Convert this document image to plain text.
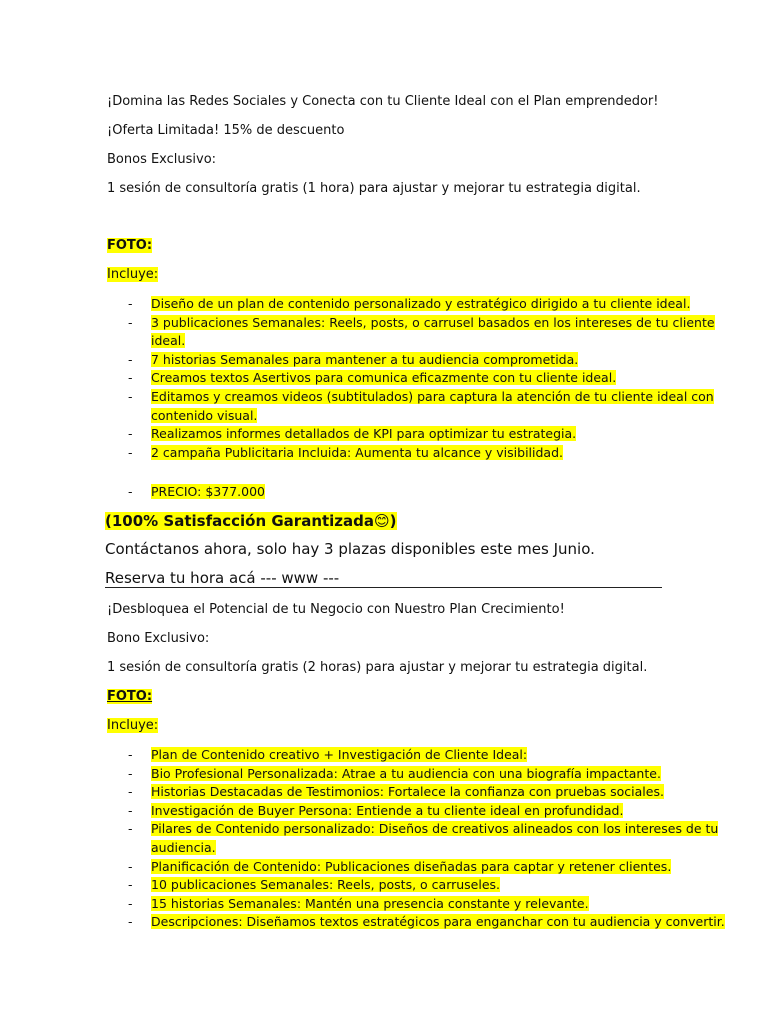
¡Domina las Redes Sociales y Conecta con tu Cliente Ideal con el Plan emprendedor!

¡Oferta Limitada! 15% de descuento

Bonos Exclusivo:

1 sesión de consultoría gratis (1 hora) para ajustar y mejorar tu estrategia digital.

FOTO:

Incluye:

- Diseño de un plan de contenido personalizado y estratégico dirigido a tu cliente ideal.
- 3 publicaciones Semanales: Reels, posts, o carrusel basados en los intereses de tu cliente
ideal.
- 7 historias Semanales para mantener a tu audiencia comprometida.
- Creamos textos Asertivos para comunica eficazmente con tu cliente ideal.
- Editamos y creamos videos (subtitulados) para captura la atención de tu cliente ideal con
contenido visual.
- Realizamos informes detallados de KPI para optimizar tu estrategia.
- 2 campaña Publicitaria Incluida: Aumenta tu alcance y visibilidad.
- PRECIO: $377.000
(100% Satisfacción Garantizada😊)
Contáctanos ahora, solo hay 3 plazas disponibles este mes Junio.
Reserva tu hora acá --- www ---

¡Desbloquea el Potencial de tu Negocio con Nuestro Plan Crecimiento!

Bono Exclusivo:

1 sesión de consultoría gratis (2 horas) para ajustar y mejorar tu estrategia digital.

FOTO:

Incluye:

- Plan de Contenido creativo + Investigación de Cliente Ideal:
- Bio Profesional Personalizada: Atrae a tu audiencia con una biografía impactante.
- Historias Destacadas de Testimonios: Fortalece la confianza con pruebas sociales.
- Investigación de Buyer Persona: Entiende a tu cliente ideal en profundidad.
- Pilares de Contenido personalizado: Diseños de creativos alineados con los intereses de tu
audiencia.
- Planificación de Contenido: Publicaciones diseñadas para captar y retener clientes.
- 10 publicaciones Semanales: Reels, posts, o carruseles.
- 15 historias Semanales: Mantén una presencia constante y relevante.
- Descripciones: Diseñamos textos estratégicos para enganchar con tu audiencia y convertir.
